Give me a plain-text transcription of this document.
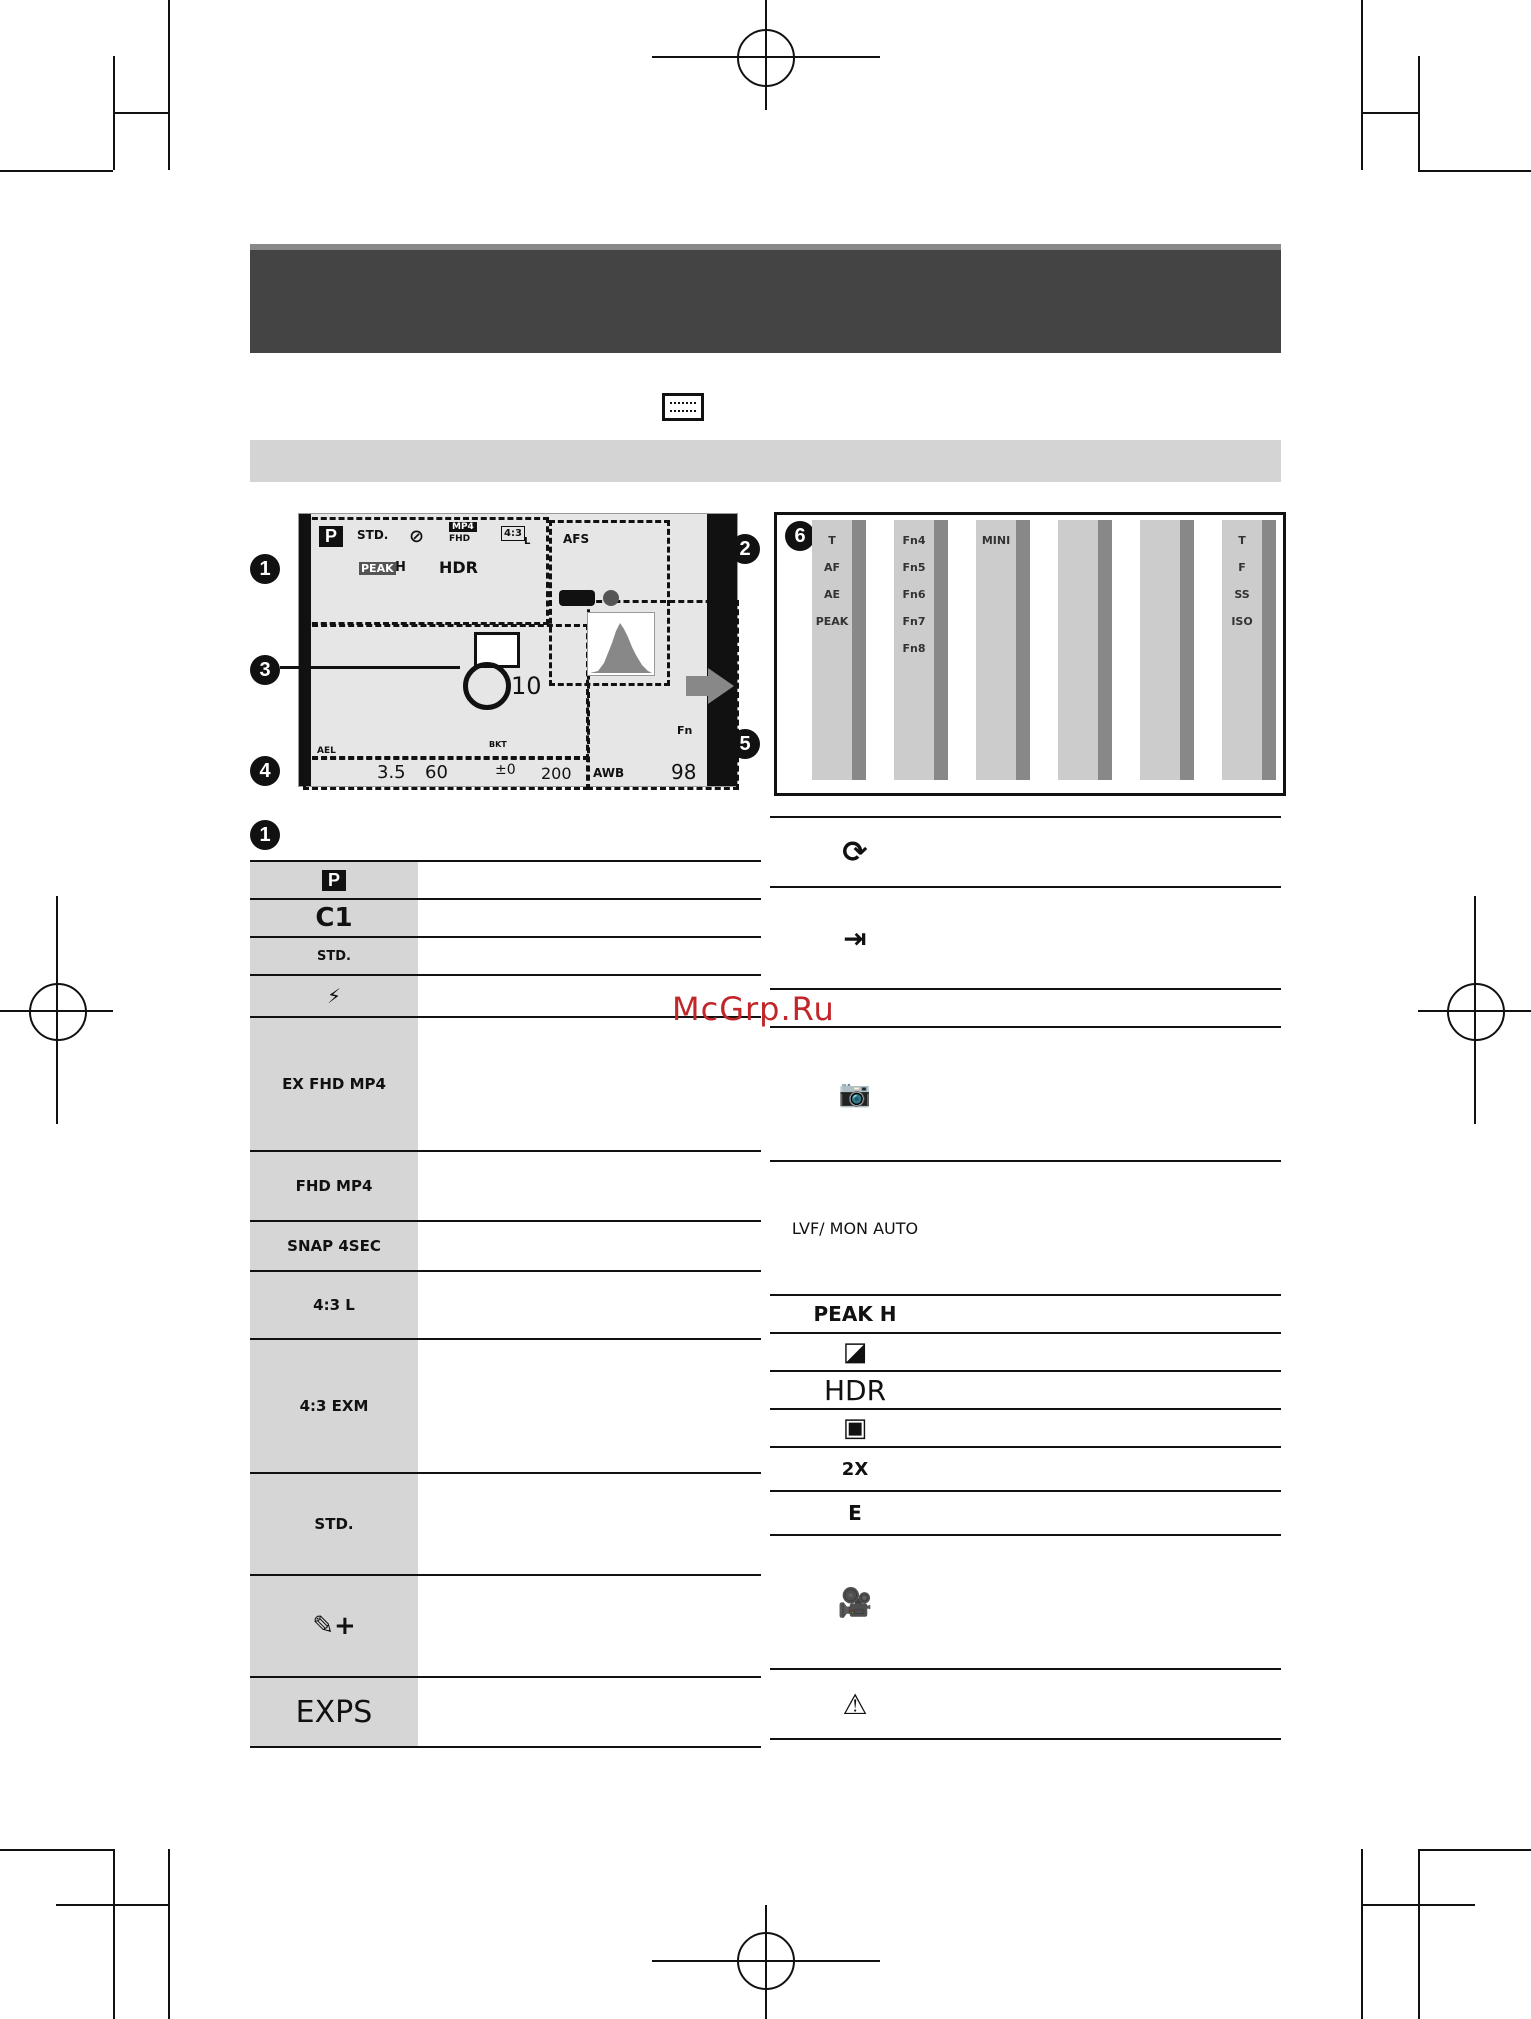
P	STD. ⊘	MP4
FHD	4:3
L
PEAK H HDR
AFS
10
AEL
3.5 60
BKT
±0 200 AWB 98
Fn
1
2
3
4
5
6	T
AF
AE
PEAK
Fn4
Fn5
Fn6
Fn7
Fn8
MINI	T
F
SS
ISO
1
P
C1
STD.
⚡
EX FHD MP4
FHD MP4
SNAP 4SEC
4:3 L
4:3 EXM
STD.
✎+
EXPS
⟳
⇥
📷
LVF/ MON AUTO
PEAK H
◪
HDR
▣
2X
E
🎥
⚠
McGrp.Ru
